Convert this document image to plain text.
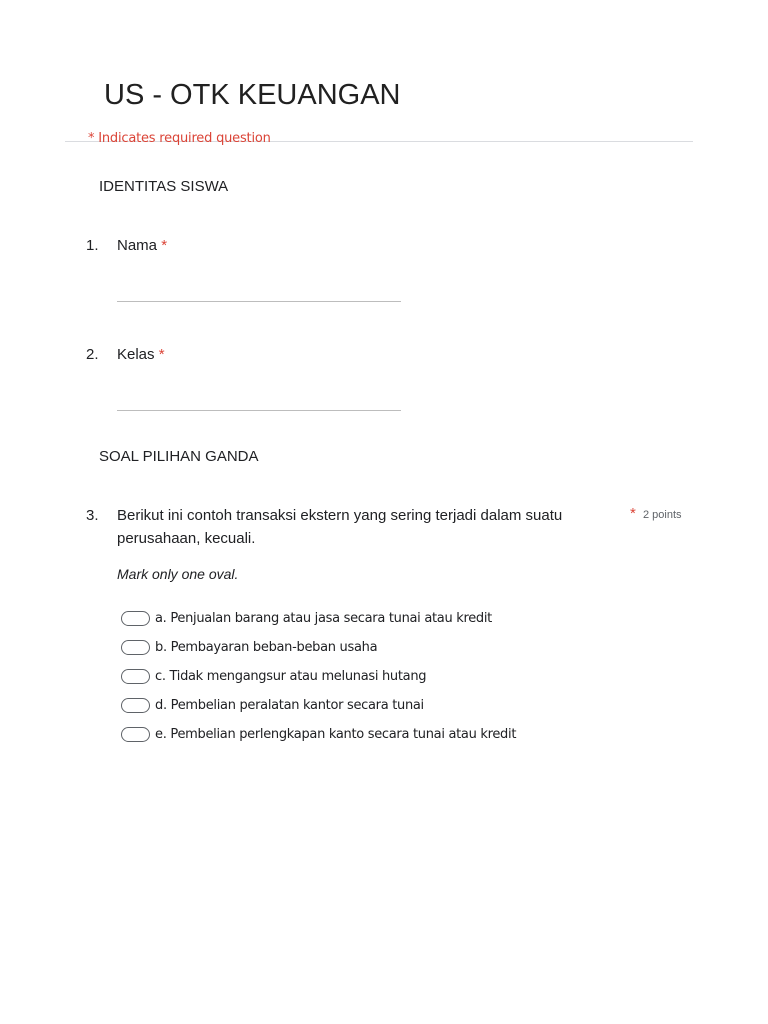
US - OTK KEUANGAN
* Indicates required question
IDENTITAS SISWA
1. Nama *
2. Kelas *
SOAL PILIHAN GANDA
3. Berikut ini contoh transaksi ekstern yang sering terjadi dalam suatu perusahaan, kecuali.
* 2 points
Mark only one oval.
a. Penjualan barang atau jasa secara tunai atau kredit
b. Pembayaran beban-beban usaha
c. Tidak mengangsur atau melunasi hutang
d. Pembelian peralatan kantor secara tunai
e. Pembelian perlengkapan kanto secara tunai atau kredit
